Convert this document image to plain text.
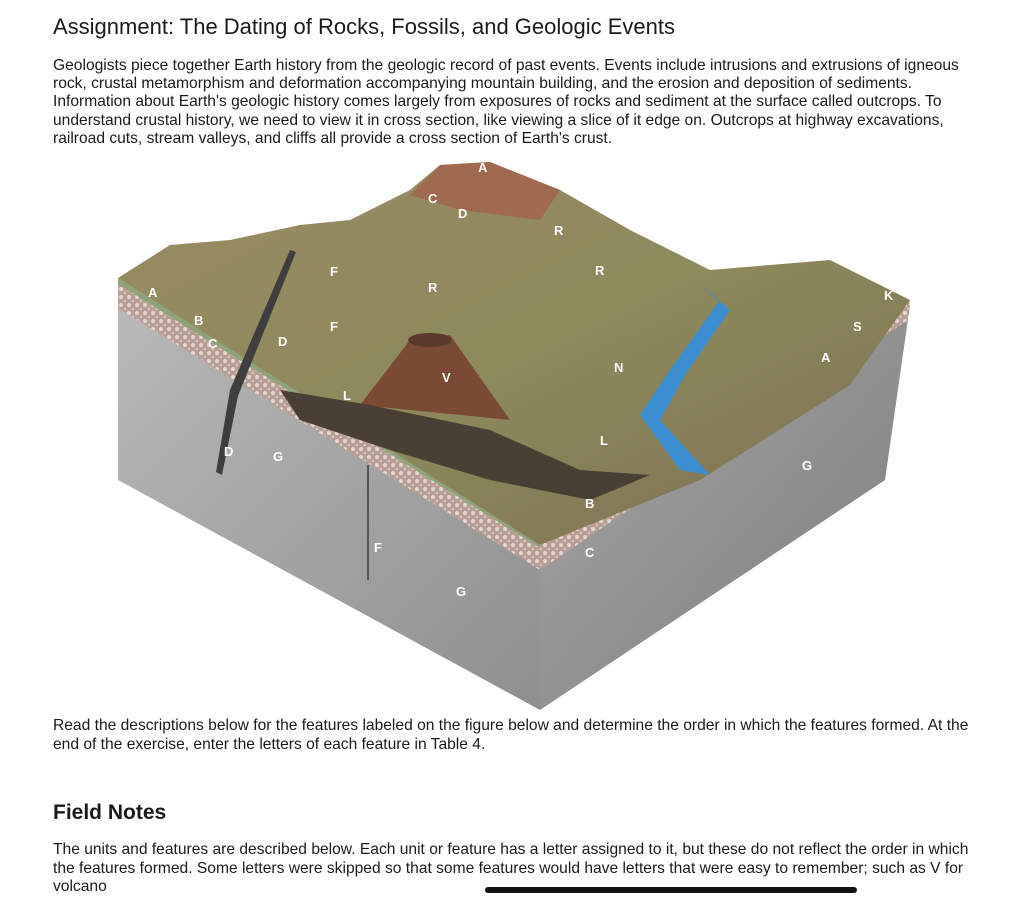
Assignment: The Dating of Rocks, Fossils, and Geologic Events

Geologists piece together Earth history from the geologic record of past events. Events include intrusions and extrusions of igneous rock, crustal metamorphism and deformation accompanying mountain building, and the erosion and deposition of sediments. Information about Earth's geologic history comes largely from exposures of rocks and sediment at the surface called outcrops. To understand crustal history, we need to view it in cross section, like viewing a slice of it edge on. Outcrops at highway excavations, railroad cuts, stream valleys, and cliffs all provide a cross section of Earth's crust.

A
C
D
R
R
F
R
A
B
C	D
F
V
L
N
K
S
A
D	G
L
B
C
F
G
G

Read the descriptions below for the features labeled on the figure below and determine the order in which the features formed. At the end of the exercise, enter the letters of each feature in Table 4.

Field Notes

The units and features are described below. Each unit or feature has a letter assigned to it, but these do not reflect the order in which the features formed. Some letters were skipped so that some features would have letters that were easy to remember; such as V for volcano
